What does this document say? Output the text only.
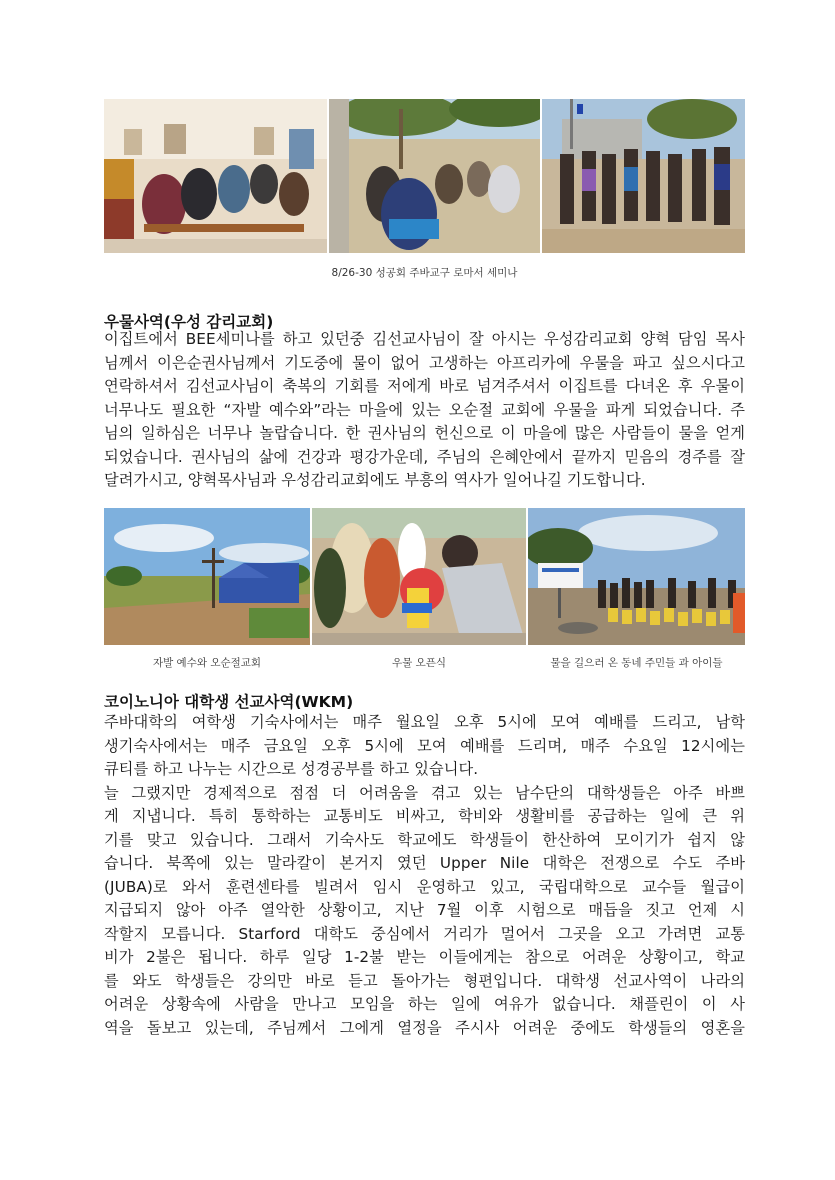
8/26-30 성공회 주바교구 로마서 세미나
우물사역(우성 감리교회)
이집트에서 BEE세미나를 하고 있던중 김선교사님이 잘 아시는 우성감리교회 양혁 담임 목사
님께서 이은순권사님께서 기도중에 물이 없어 고생하는 아프리카에 우물을 파고 싶으시다고
연락하셔서 김선교사님이 축복의 기회를 저에게 바로 넘겨주셔서 이집트를 다녀온 후 우물이
너무나도 필요한 “자발 예수와”라는 마을에 있는 오순절 교회에 우물을 파게 되었습니다. 주
님의 일하심은 너무나 놀랍습니다. 한 권사님의 헌신으로 이 마을에 많은 사람들이 물을 얻게
되었습니다. 권사님의 삶에 건강과 평강가운데, 주님의 은혜안에서 끝까지 믿음의 경주를 잘
달려가시고, 양혁목사님과 우성감리교회에도 부흥의 역사가 일어나길 기도합니다.
자발 예수와 오순절교회	우물 오픈식	물을 길으러 온 동네 주민들 과 아이들
코이노니아 대학생 선교사역(WKM)
주바대학의 여학생 기숙사에서는 매주 월요일 오후 5시에 모여 예배를 드리고, 남학
생기숙사에서는 매주 금요일 오후 5시에 모여 예배를 드리며, 매주 수요일 12시에는
큐티를 하고 나누는 시간으로 성경공부를 하고 있습니다.
늘 그랬지만 경제적으로 점점 더 어려움을 겪고 있는 남수단의 대학생들은 아주 바쁘
게 지냅니다. 특히 통학하는 교통비도 비싸고, 학비와 생활비를 공급하는 일에 큰 위
기를 맞고 있습니다. 그래서 기숙사도 학교에도 학생들이 한산하여 모이기가 쉽지 않
습니다. 북쪽에 있는 말라칼이 본거지 였던 Upper Nile 대학은 전쟁으로 수도 주바
(JUBA)로 와서 훈련센타를 빌려서 임시 운영하고 있고, 국립대학으로 교수들 월급이
지급되지 않아 아주 열악한 상황이고, 지난 7월 이후 시험으로 매듭을 짓고 언제 시
작할지 모릅니다. Starford 대학도 중심에서 거리가 멀어서 그곳을 오고 가려면 교통
비가 2불은 됩니다. 하루 일당 1-2불 받는 이들에게는 참으로 어려운 상황이고, 학교
를 와도 학생들은 강의만 바로 듣고 돌아가는 형편입니다. 대학생 선교사역이 나라의
어려운 상황속에 사람을 만나고 모임을 하는 일에 여유가 없습니다. 채플린이 이 사
역을 돌보고 있는데, 주님께서 그에게 열정을 주시사 어려운 중에도 학생들의 영혼을
